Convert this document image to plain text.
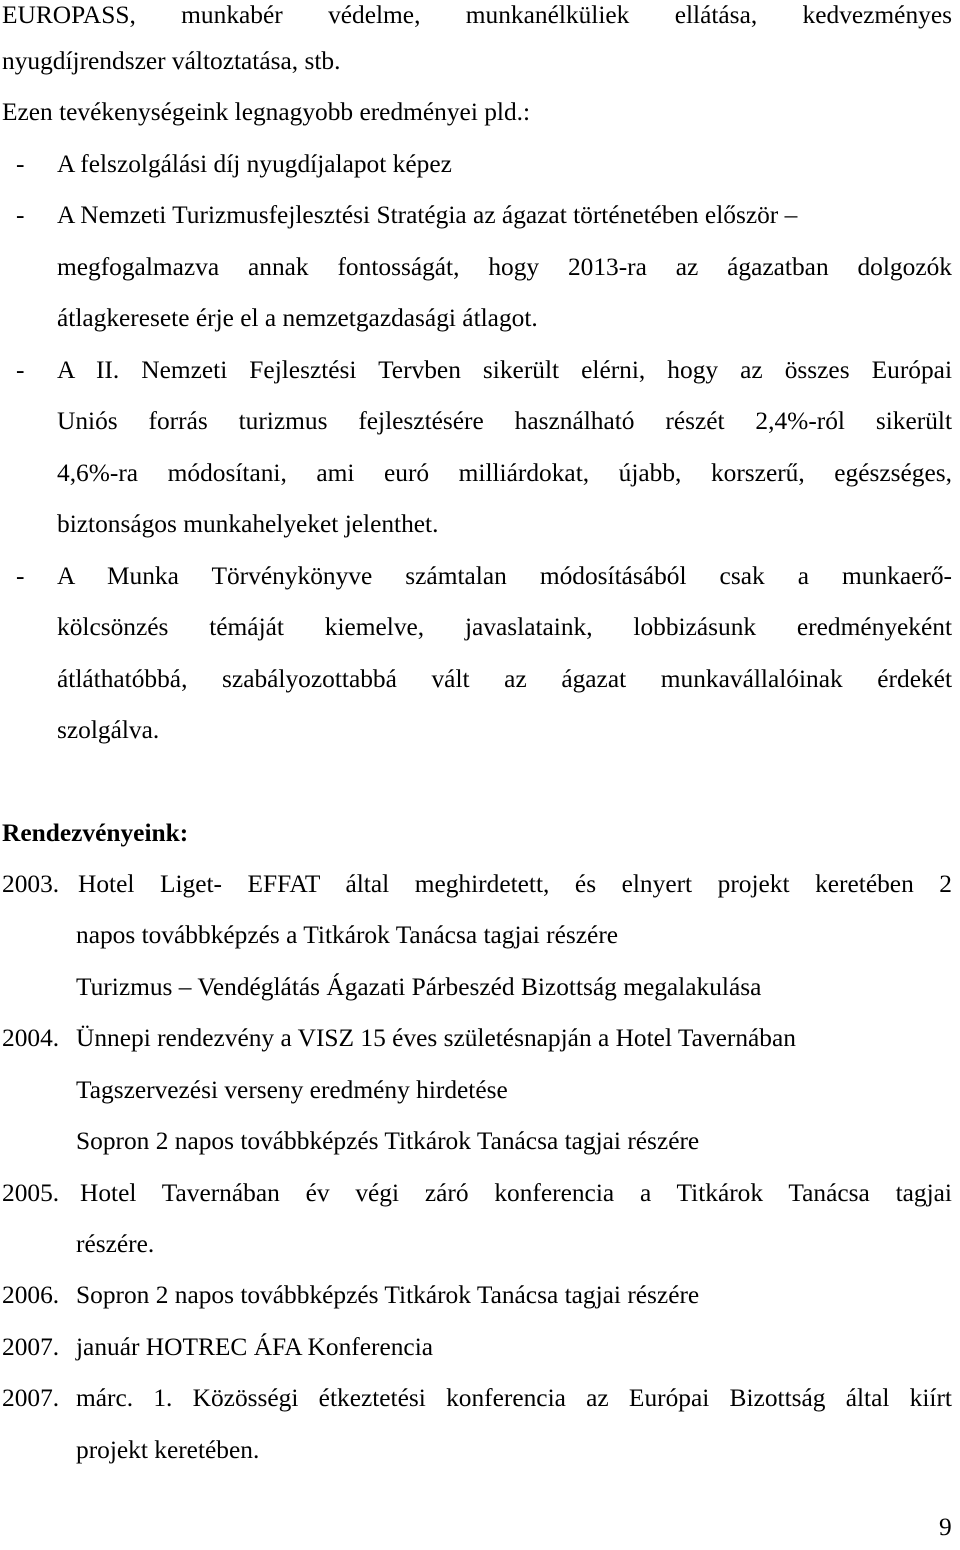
EUROPASS, munkabér védelme, munkanélküliek ellátása, kedvezményes
nyugdíjrendszer változtatása, stb.
Ezen tevékenységeink legnagyobb eredményei pld.:
- A felszolgálási díj nyugdíjalapot képez
- A Nemzeti Turizmusfejlesztési Stratégia az ágazat történetében először –
megfogalmazva annak fontosságát, hogy 2013-ra az ágazatban dolgozók
átlagkeresete érje el a nemzetgazdasági átlagot.
- A II. Nemzeti Fejlesztési Tervben sikerült elérni, hogy az összes Európai
Uniós forrás turizmus fejlesztésére használható részét 2,4%-ról sikerült
4,6%-ra módosítani, ami euró milliárdokat, újabb, korszerű, egészséges,
biztonságos munkahelyeket jelenthet.
- A Munka Törvénykönyve számtalan módosításából csak a munkaerő-
kölcsönzés témáját kiemelve, javaslataink, lobbizásunk eredményeként
átláthatóbbá, szabályozottabbá vált az ágazat munkavállalóinak érdekét
szolgálva.
Rendezvényeink:
2003. Hotel Liget- EFFAT által meghirdetett, és elnyert projekt keretében 2
napos továbbképzés a Titkárok Tanácsa tagjai részére
Turizmus – Vendéglátás Ágazati Párbeszéd Bizottság megalakulása
2004. Ünnepi rendezvény a VISZ 15 éves születésnapján a Hotel Tavernában
Tagszervezési verseny eredmény hirdetése
Sopron 2 napos továbbképzés Titkárok Tanácsa tagjai részére
2005. Hotel Tavernában év végi záró konferencia a Titkárok Tanácsa tagjai
részére.
2006. Sopron 2 napos továbbképzés Titkárok Tanácsa tagjai részére
2007. január HOTREC ÁFA Konferencia
2007. márc. 1. Közösségi étkeztetési konferencia az Európai Bizottság által kiírt
projekt keretében.
9
